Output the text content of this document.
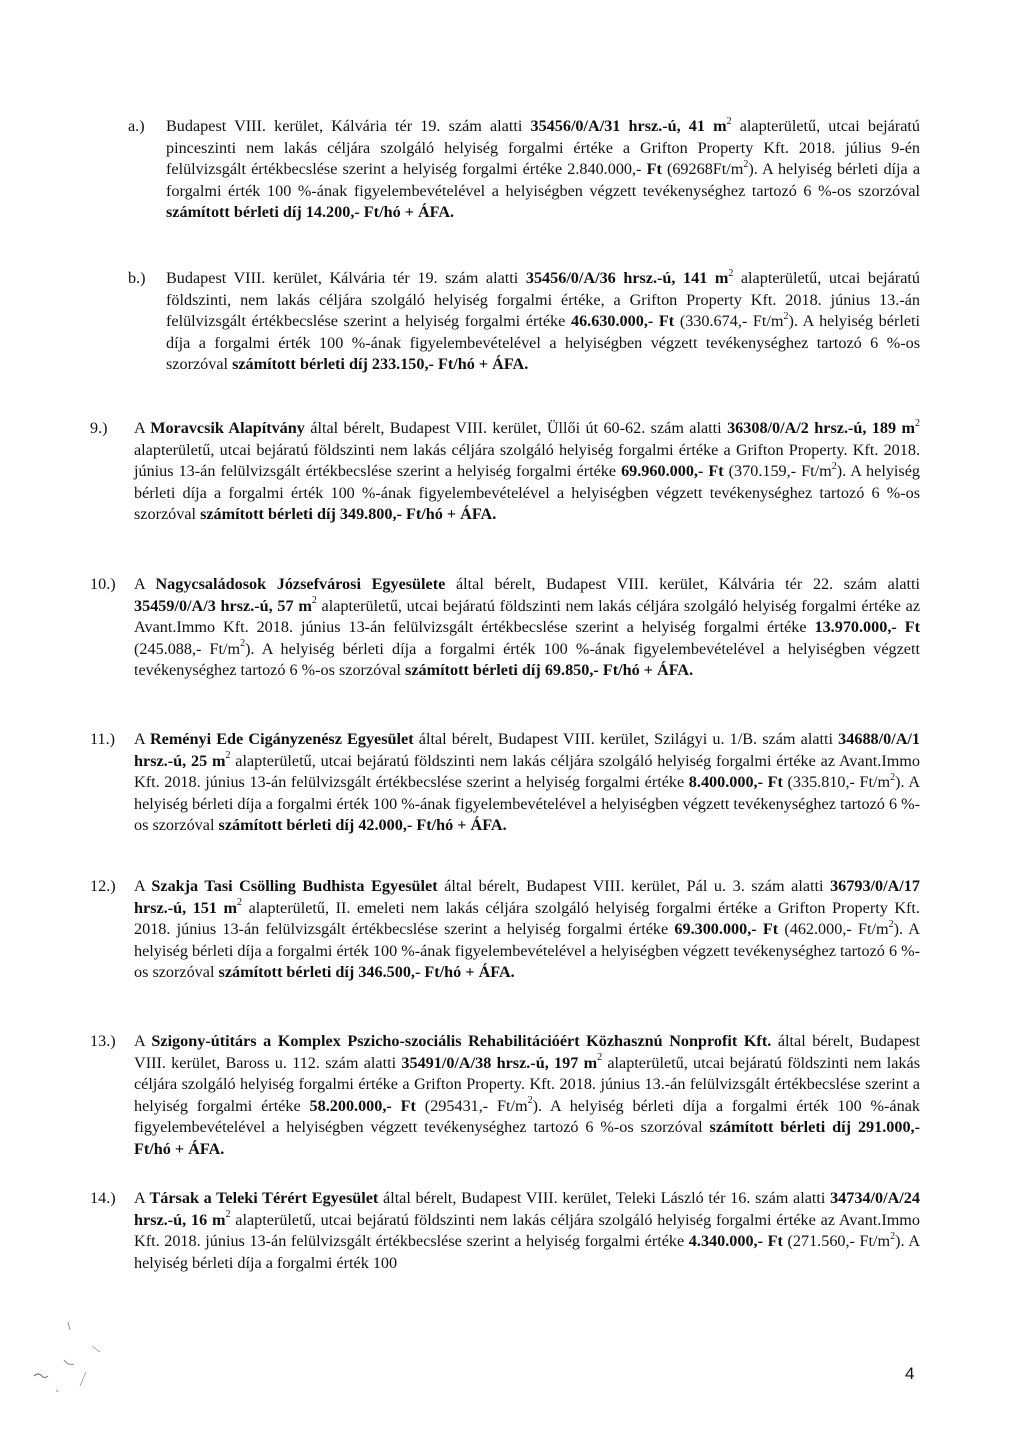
a.) Budapest VIII. kerület, Kálvária tér 19. szám alatti 35456/0/A/31 hrsz.-ú, 41 $m^2$ alapterületű, utcai bejáratú pinceszinti nem lakás céljára szolgáló helyiség forgalmi értéke a Grifton Property Kft. 2018. július 9-én felülvizsgált értékbecslése szerint a helyiség forgalmi értéke 2.840.000,- Ft $(69268Ft/m^2)$. A helyiség bérleti díja a forgalmi érték 100 %-ának figyelembevételével a helyiségben végzett tevékenységhez tartozó 6 %-os szorzóval számított bérleti díj 14.200,- Ft/hó + ÁFA.
b.) Budapest VIII. kerület, Kálvária tér 19. szám alatti 35456/0/A/36 hrsz.-ú, 141 $m^2$ alapterületű, utcai bejáratú földszinti, nem lakás céljára szolgáló helyiség forgalmi értéke, a Grifton Property Kft. 2018. június 13.-án felülvizsgált értékbecslése szerint a helyiség forgalmi értéke 46.630.000,- Ft (330.674,- $Ft/m^2$). A helyiség bérleti díja a forgalmi érték 100 %-ának figyelembevételével a helyiségben végzett tevékenységhez tartozó 6 %-os szorzóval számított bérleti díj 233.150,- Ft/hó + ÁFA.
9.) A Moravcsik Alapítvány által bérelt, Budapest VIII. kerület, Üllői út 60-62. szám alatti 36308/0/A/2 hrsz.-ú, 189 $m^2$ alapterületű, utcai bejáratú földszinti nem lakás céljára szolgáló helyiség forgalmi értéke a Grifton Property. Kft. 2018. június 13-án felülvizsgált értékbecslése szerint a helyiség forgalmi értéke 69.960.000,- Ft (370.159,- $Ft/m^2$). A helyiség bérleti díja a forgalmi érték 100 %-ának figyelembevételével a helyiségben végzett tevékenységhez tartozó 6 %-os szorzóval számított bérleti díj 349.800,- Ft/hó + ÁFA.
10.) A Nagycsaládosok Józsefvárosi Egyesülete által bérelt, Budapest VIII. kerület, Kálvária tér 22. szám alatti 35459/0/A/3 hrsz.-ú, 57 $m^2$ alapterületű, utcai bejáratú földszinti nem lakás céljára szolgáló helyiség forgalmi értéke az Avant.Immo Kft. 2018. június 13-án felülvizsgált értékbecslése szerint a helyiség forgalmi értéke 13.970.000,- Ft (245.088,- $Ft/m^2$). A helyiség bérleti díja a forgalmi érték 100 %-ának figyelembevételével a helyiségben végzett tevékenységhez tartozó 6 %-os szorzóval számított bérleti díj 69.850,- Ft/hó + ÁFA.
11.) A Reményi Ede Cigányzenész Egyesület által bérelt, Budapest VIII. kerület, Szilágyi u. 1/B. szám alatti 34688/0/A/1 hrsz.-ú, 25 $m^2$ alapterületű, utcai bejáratú földszinti nem lakás céljára szolgáló helyiség forgalmi értéke az Avant.Immo Kft. 2018. június 13-án felülvizsgált értékbecslése szerint a helyiség forgalmi értéke 8.400.000,- Ft (335.810,- $Ft/m^2$). A helyiség bérleti díja a forgalmi érték 100 %-ának figyelembevételével a helyiségben végzett tevékenységhez tartozó 6 %-os szorzóval számított bérleti díj 42.000,- Ft/hó + ÁFA.
12.) A Szakja Tasi Csölling Budhista Egyesület által bérelt, Budapest VIII. kerület, Pál u. 3. szám alatti 36793/0/A/17 hrsz.-ú, 151 $m^2$ alapterületű, II. emeleti nem lakás céljára szolgáló helyiség forgalmi értéke a Grifton Property Kft. 2018. június 13-án felülvizsgált értékbecslése szerint a helyiség forgalmi értéke 69.300.000,- Ft (462.000,- $Ft/m^2$). A helyiség bérleti díja a forgalmi érték 100 %-ának figyelembevételével a helyiségben végzett tevékenységhez tartozó 6 %-os szorzóval számított bérleti díj 346.500,- Ft/hó + ÁFA.
13.) A Szigony-útitárs a Komplex Pszicho-szociális Rehabilitációért Közhasznú Nonprofit Kft. által bérelt, Budapest VIII. kerület, Baross u. 112. szám alatti 35491/0/A/38 hrsz.-ú, 197 $m^2$ alapterületű, utcai bejáratú földszinti nem lakás céljára szolgáló helyiség forgalmi értéke a Grifton Property. Kft. 2018. június 13.-án felülvizsgált értékbecslése szerint a helyiség forgalmi értéke 58.200.000,- Ft (295431,- $Ft/m^2$). A helyiség bérleti díja a forgalmi érték 100 %-ának figyelembevételével a helyiségben végzett tevékenységhez tartozó 6 %-os szorzóval számított bérleti díj 291.000,- Ft/hó + ÁFA.
14.) A Társak a Teleki Térért Egyesület által bérelt, Budapest VIII. kerület, Teleki László tér 16. szám alatti 34734/0/A/24 hrsz.-ú, 16 $m^2$ alapterületű, utcai bejáratú földszinti nem lakás céljára szolgáló helyiség forgalmi értéke az Avant.Immo Kft. 2018. június 13-án felülvizsgált értékbecslése szerint a helyiség forgalmi értéke 4.340.000,- Ft (271.560,- $Ft/m^2$). A helyiség bérleti díja a forgalmi érték 100
4
